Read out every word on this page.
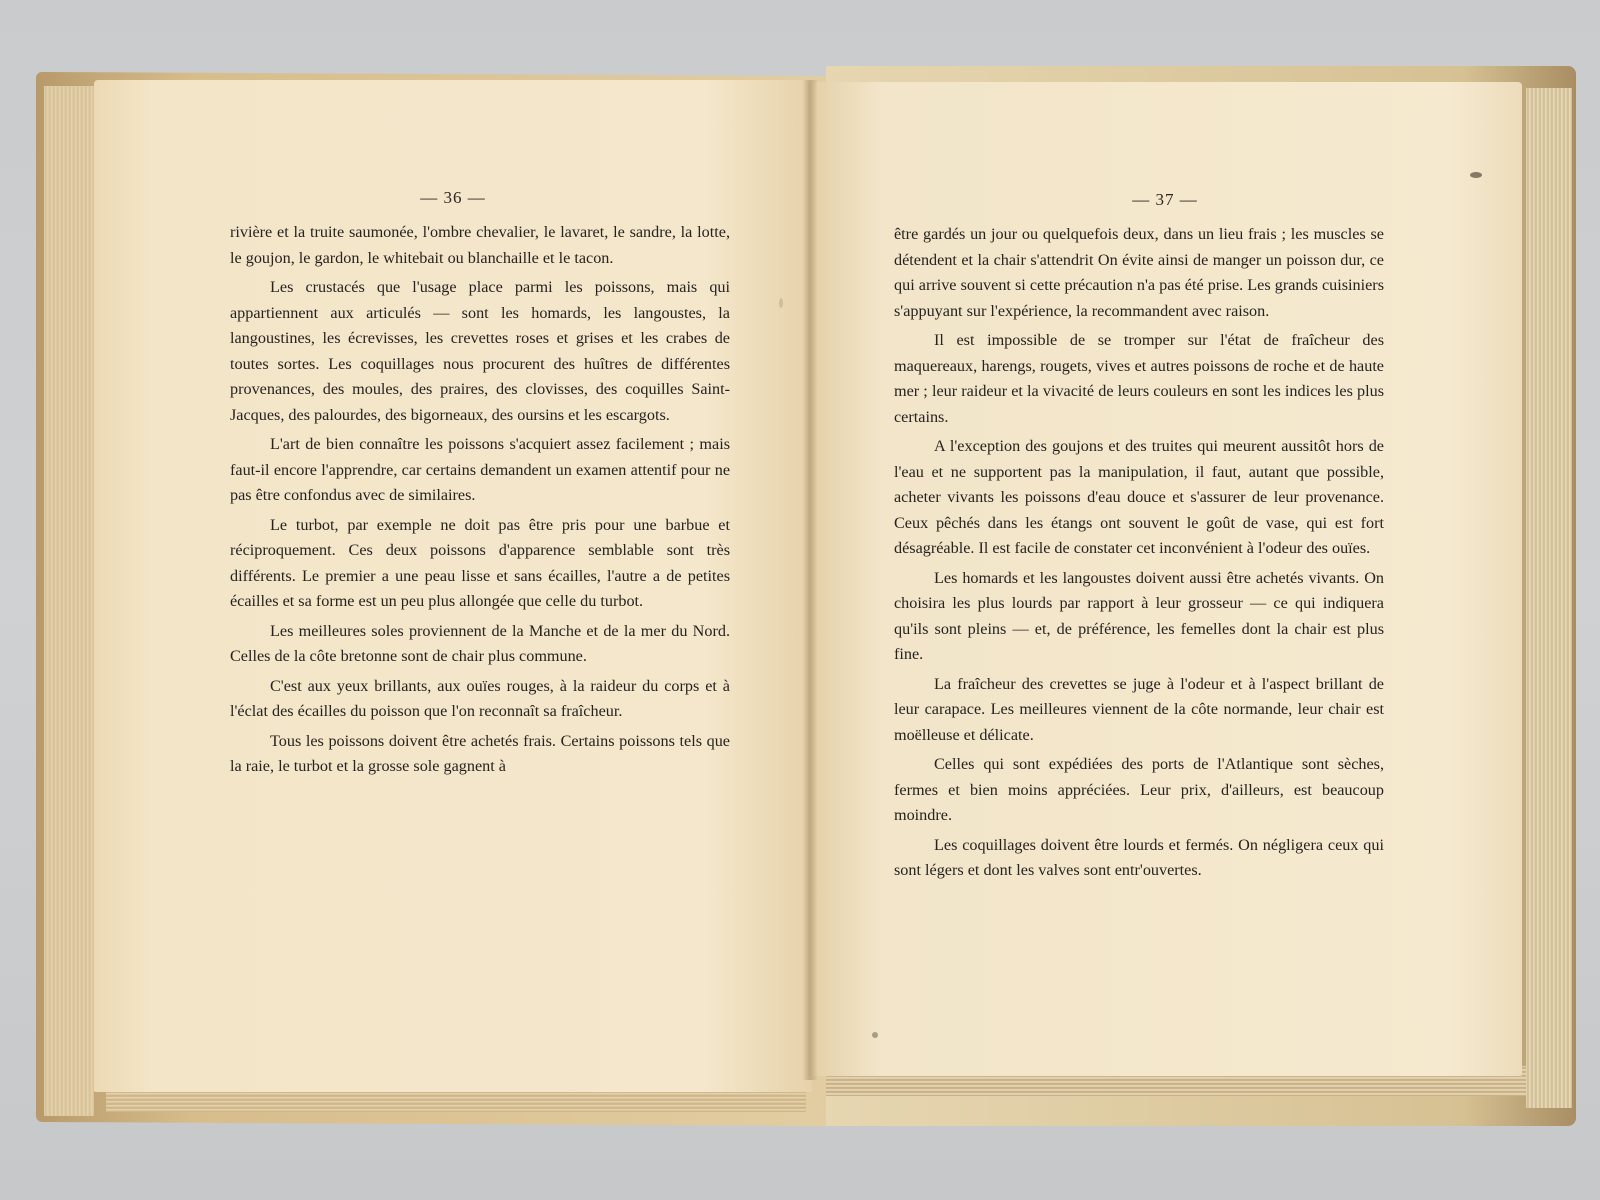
— 36 —

rivière et la truite saumonée, l'ombre chevalier, le lavaret, le sandre, la lotte, le goujon, le gardon, le whitebait ou blanchaille et le tacon.

Les crustacés que l'usage place parmi les poissons, mais qui appartiennent aux articulés — sont les homards, les langoustes, la langoustines, les écrevisses, les crevettes roses et grises et les crabes de toutes sortes. Les coquillages nous procurent des huîtres de différentes provenances, des moules, des praires, des clovisses, des coquilles Saint-Jacques, des palourdes, des bigorneaux, des oursins et les escargots.

L'art de bien connaître les poissons s'acquiert assez facilement ; mais faut-il encore l'apprendre, car certains demandent un examen attentif pour ne pas être confondus avec de similaires.

Le turbot, par exemple ne doit pas être pris pour une barbue et réciproquement. Ces deux poissons d'apparence semblable sont très différents. Le premier a une peau lisse et sans écailles, l'autre a de petites écailles et sa forme est un peu plus allongée que celle du turbot.

Les meilleures soles proviennent de la Manche et de la mer du Nord. Celles de la côte bretonne sont de chair plus commune.

C'est aux yeux brillants, aux ouïes rouges, à la raideur du corps et à l'éclat des écailles du poisson que l'on reconnaît sa fraîcheur.

Tous les poissons doivent être achetés frais. Certains poissons tels que la raie, le turbot et la grosse sole gagnent à

— 37 —

être gardés un jour ou quelquefois deux, dans un lieu frais ; les muscles se détendent et la chair s'attendrit On évite ainsi de manger un poisson dur, ce qui arrive souvent si cette précaution n'a pas été prise. Les grands cuisiniers s'appuyant sur l'expérience, la recommandent avec raison.

Il est impossible de se tromper sur l'état de fraîcheur des maquereaux, harengs, rougets, vives et autres poissons de roche et de haute mer ; leur raideur et la vivacité de leurs couleurs en sont les indices les plus certains.

A l'exception des goujons et des truites qui meurent aussitôt hors de l'eau et ne supportent pas la manipulation, il faut, autant que possible, acheter vivants les poissons d'eau douce et s'assurer de leur provenance. Ceux pêchés dans les étangs ont souvent le goût de vase, qui est fort désagréable. Il est facile de constater cet inconvénient à l'odeur des ouïes.

Les homards et les langoustes doivent aussi être achetés vivants. On choisira les plus lourds par rapport à leur grosseur — ce qui indiquera qu'ils sont pleins — et, de préférence, les femelles dont la chair est plus fine.

La fraîcheur des crevettes se juge à l'odeur et à l'aspect brillant de leur carapace. Les meilleures viennent de la côte normande, leur chair est moëlleuse et délicate.

Celles qui sont expédiées des ports de l'Atlantique sont sèches, fermes et bien moins appréciées. Leur prix, d'ailleurs, est beaucoup moindre.

Les coquillages doivent être lourds et fermés. On négligera ceux qui sont légers et dont les valves sont entr'ouvertes.
